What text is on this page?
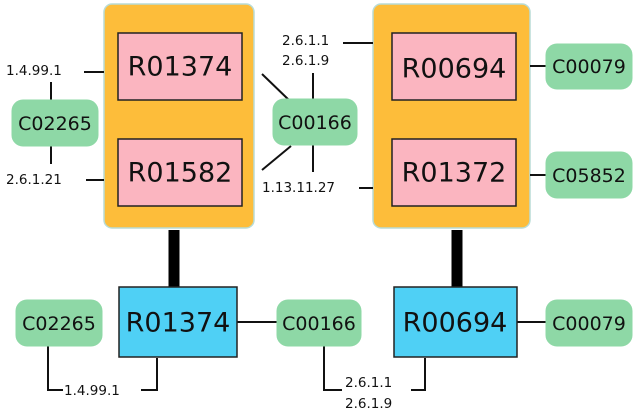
R01374
R01582
R00694
R01372
R01374	R00694
C02265	C00166
C00079
C05852
C02265	C00166	C00079
1.4.99.1
2.6.1.21
2.6.1.1
2.6.1.9
1.13.11.27
1.4.99.1	2.6.1.1
2.6.1.9
